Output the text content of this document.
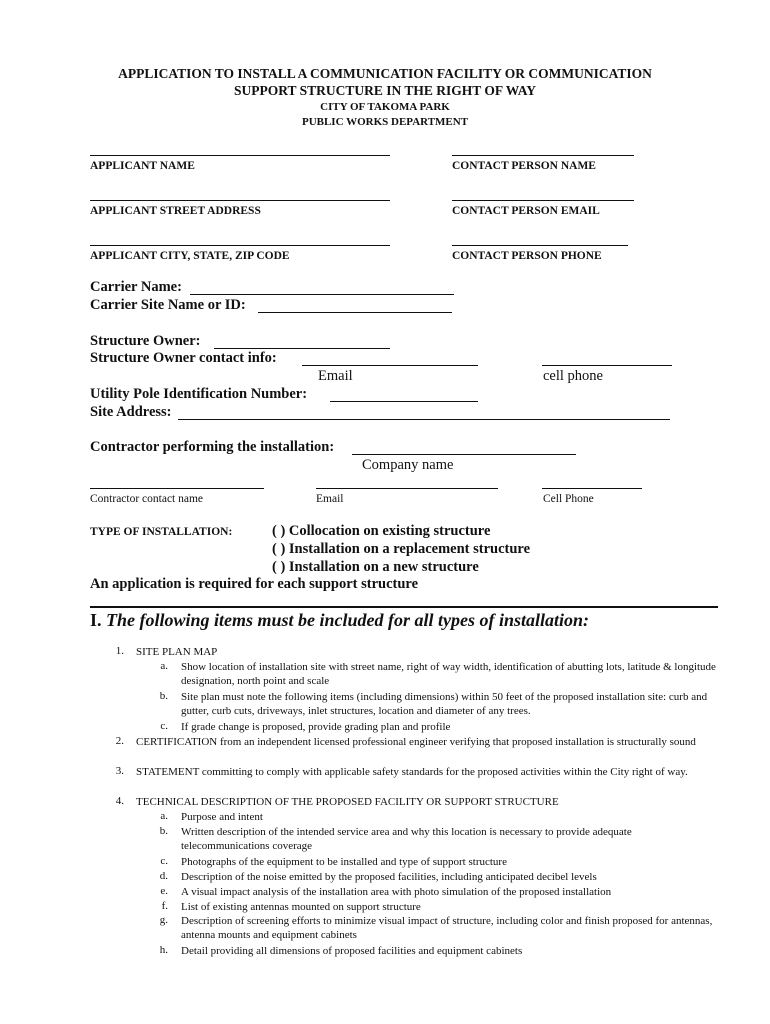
APPLICATION TO INSTALL A COMMUNICATION FACILITY OR COMMUNICATION
SUPPORT STRUCTURE IN THE RIGHT OF WAY
CITY OF TAKOMA PARK
PUBLIC WORKS DEPARTMENT
APPLICANT NAME	CONTACT PERSON NAME
APPLICANT STREET ADDRESS	CONTACT PERSON EMAIL
APPLICANT CITY, STATE, ZIP CODE	CONTACT PERSON PHONE
Carrier Name:
Carrier Site Name or ID:
Structure Owner:
Structure Owner contact info:
Email	cell phone
Utility Pole Identification Number:
Site Address:
Contractor performing the installation:
Company name
Contractor contact name	Email	Cell Phone
TYPE OF INSTALLATION:	( ) Collocation on existing structure
( ) Installation on a replacement structure
( ) Installation on a new structure
An application is required for each support structure
I. The following items must be included for all types of installation:
1. SITE PLAN MAP
a. Show location of installation site with street name, right of way width, identification of abutting lots, latitude & longitude designation, north point and scale
b. Site plan must note the following items (including dimensions) within 50 feet of the proposed installation site: curb and gutter, curb cuts, driveways, inlet structures, location and diameter of any trees.
c. If grade change is proposed, provide grading plan and profile
2. CERTIFICATION from an independent licensed professional engineer verifying that proposed installation is structurally sound
3. STATEMENT committing to comply with applicable safety standards for the proposed activities within the City right of way.
4. TECHNICAL DESCRIPTION OF THE PROPOSED FACILITY OR SUPPORT STRUCTURE
a. Purpose and intent
b. Written description of the intended service area and why this location is necessary to provide adequate telecommunications coverage
c. Photographs of the equipment to be installed and type of support structure
d. Description of the noise emitted by the proposed facilities, including anticipated decibel levels
e. A visual impact analysis of the installation area with photo simulation of the proposed installation
f. List of existing antennas mounted on support structure
g. Description of screening efforts to minimize visual impact of structure, including color and finish proposed for antennas, antenna mounts and equipment cabinets
h. Detail providing all dimensions of proposed facilities and equipment cabinets
